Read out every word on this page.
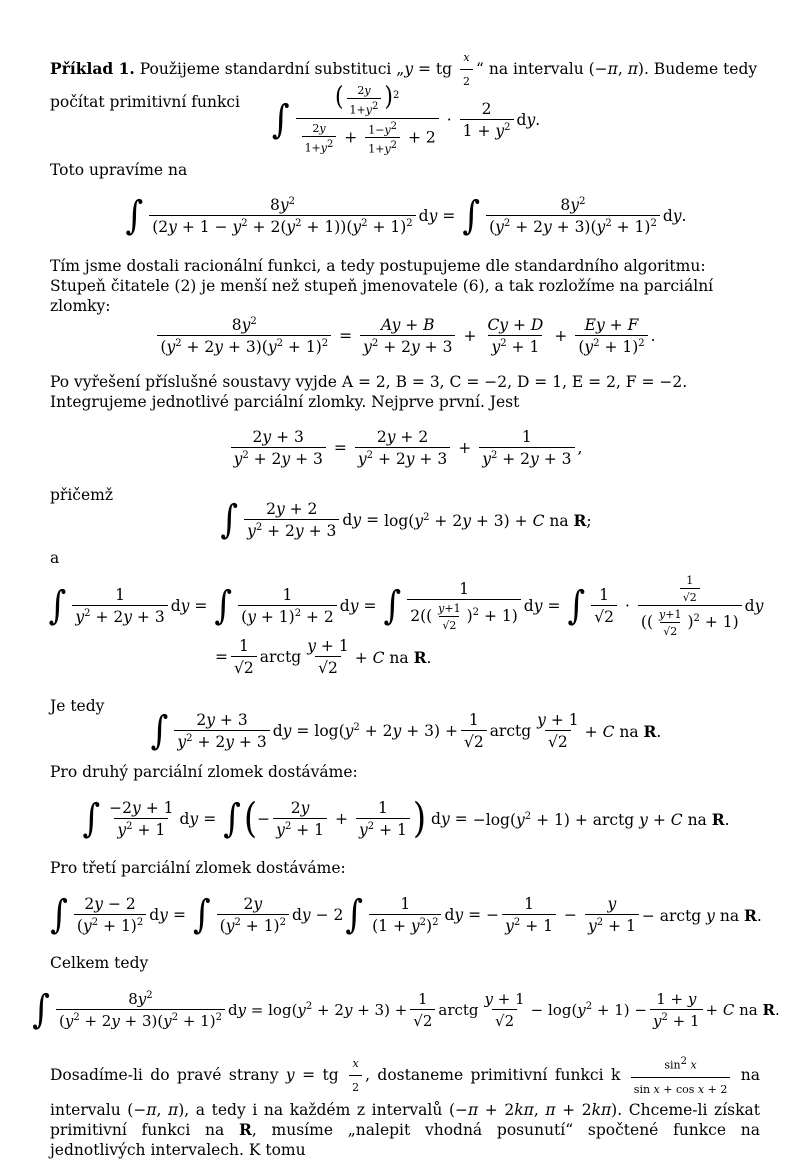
Příklad 1. Použijeme standardní substituci „y = tg $\frac{x}{2}$ “ na intervalu (−π, π). Budeme tedy počítat primitivní funkci ∫ ( $\frac{2y}{1+y^2} )^2$
$\frac{2y}{1+y^2} + \frac{1-y^2}{1+y^2} + 2$
·
2
$1 + y^2$ dy.
Toto upravíme na
∫	$8y^2$
$(2y + 1 - y^2 + 2(y^2 + 1))(y^2 + 1)^2$ dy = ∫	$8y^2$
$(y^2 + 2y + 3)(y^2 + 1)^2$ dy.
Tím jsme dostali racionální funkci, a tedy postupujeme dle standardního algoritmu:
Stupeň čitatele (2) je menší než stupeň jmenovatele (6), a tak rozložíme na parciální zlomky:
$\frac{8y^2}{(y^2 + 2y + 3)(y^2 + 1)^2} = \frac{Ay + B}{y^2 + 2y + 3} + \frac{Cy + D}{y^2 + 1} + \frac{Ey + F}{(y^2 + 1)^2}$ .
Po vyřešení příslušné soustavy vyjde A = 2, B = 3, C = −2, D = 1, E = 2, F = −2. Integrujeme jednotlivé parciální zlomky. Nejprve první. Jest
$\frac{2y + 3}{y^2 + 2y + 3} = \frac{2y + 2}{y^2 + 2y + 3} + \frac{1}{y^2 + 2y + 3}$ ,
přičemž
∫ 2y + 2
$y^2 + 2y + 3$
dy = $\log(y^2 + 2y + 3) + C$ na R;
a
∫	1
$y^2 + 2y + 3$
dy = ∫	1
$(y + 1)^2 + 2$
dy = ∫	1
$2(( \frac{y+1}{√2} )^2 + 1)$
dy = ∫ 1
√2
·
$\frac{1}{√2}$
(( $\frac{y+1}{√2} )^2 + 1$)
dy
= $\frac{1}{√2}$ arctg
y + 1
√2
+ C na R.
Je tedy
∫ 2y + 3
$y^2 + 2y + 3$
dy = $\log(y^2 + 2y + 3) + \frac{1}{√2}$ arctg
y + 1
√2
+ C na R.
Pro druhý parciální zlomek dostáváme:
∫ −2y + 1
$y^2 + 1$
dy = ∫ ( − $\frac{2y}{y^2 + 1} + \frac{1}{y^2 + 1}$ ) dy = $-\log(y^2 + 1)$ + arctg y + C na R.
Pro třetí parciální zlomek dostáváme:
∫ 2y − 2
$(y^2 + 1)^2$ dy = ∫ 2y
$(y^2 + 1)^2$ dy − 2 ∫ 1
$(1 + y^2)^2$ dy = − $\frac{1}{y^2 + 1} - \frac{y}{y^2 + 1}$ − arctg y na R.
Celkem tedy
∫	$8y^2$
$(y^2 + 2y + 3)(y^2 + 1)^2$ dy = $\log(y^2 + 2y + 3) + \frac{1}{√2}$ arctg
y + 1
√2
− $\log(y^2 + 1) - \frac{1 + y}{y^2 + 1} + C$ na R.
Dosadíme-li do pravé strany y = tg $\frac{x}{2}$ , dostaneme primitivní funkci k $\frac{\sin^2 x}{\text{sin x + cos x + 2}}$ na intervalu (−π, π), a tedy i na každém z intervalů (−π + 2kπ, π + 2kπ). Chceme-li získat primitivní funkci na R, musíme „nalepit vhodná posunutí“ spočtené funkce na jednotlivých intervalech. K tomu
